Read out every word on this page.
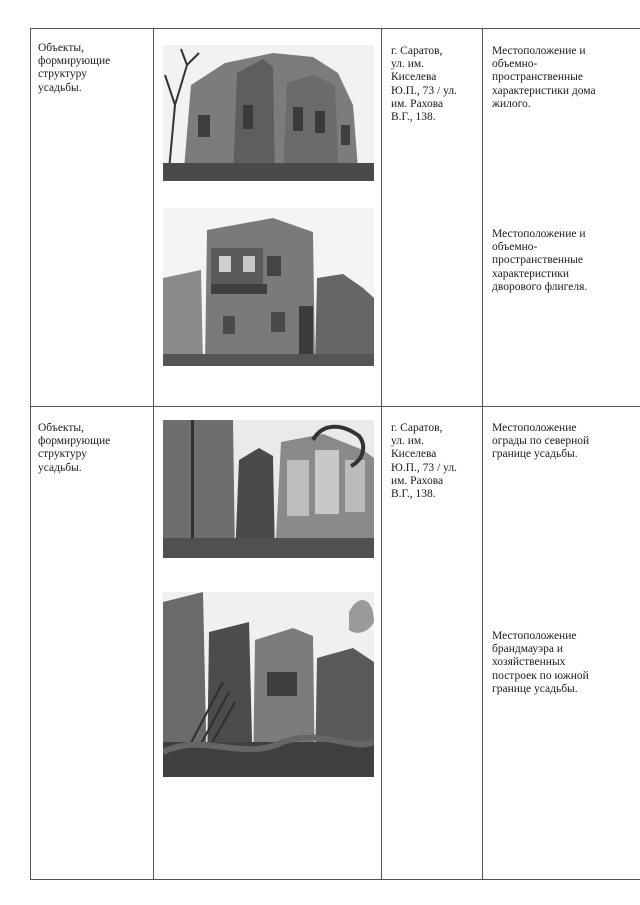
Объекты,
формирующие
структуру
усадьбы.
г. Саратов,
ул. им.
Киселева
Ю.П., 73 / ул.
им. Рахова
В.Г., 138.
Местоположение и
объемно-
пространственные
характеристики дома
жилого.
Местоположение и
объемно-
пространственные
характеристики
дворового флигеля.
Объекты,
формирующие
структуру
усадьбы.
г. Саратов,
ул. им.
Киселева
Ю.П., 73 / ул.
им. Рахова
В.Г., 138.
Местоположение
ограды по северной
границе усадьбы.
Местоположение
брандмауэра и
хозяйственных
построек по южной
границе усадьбы.
